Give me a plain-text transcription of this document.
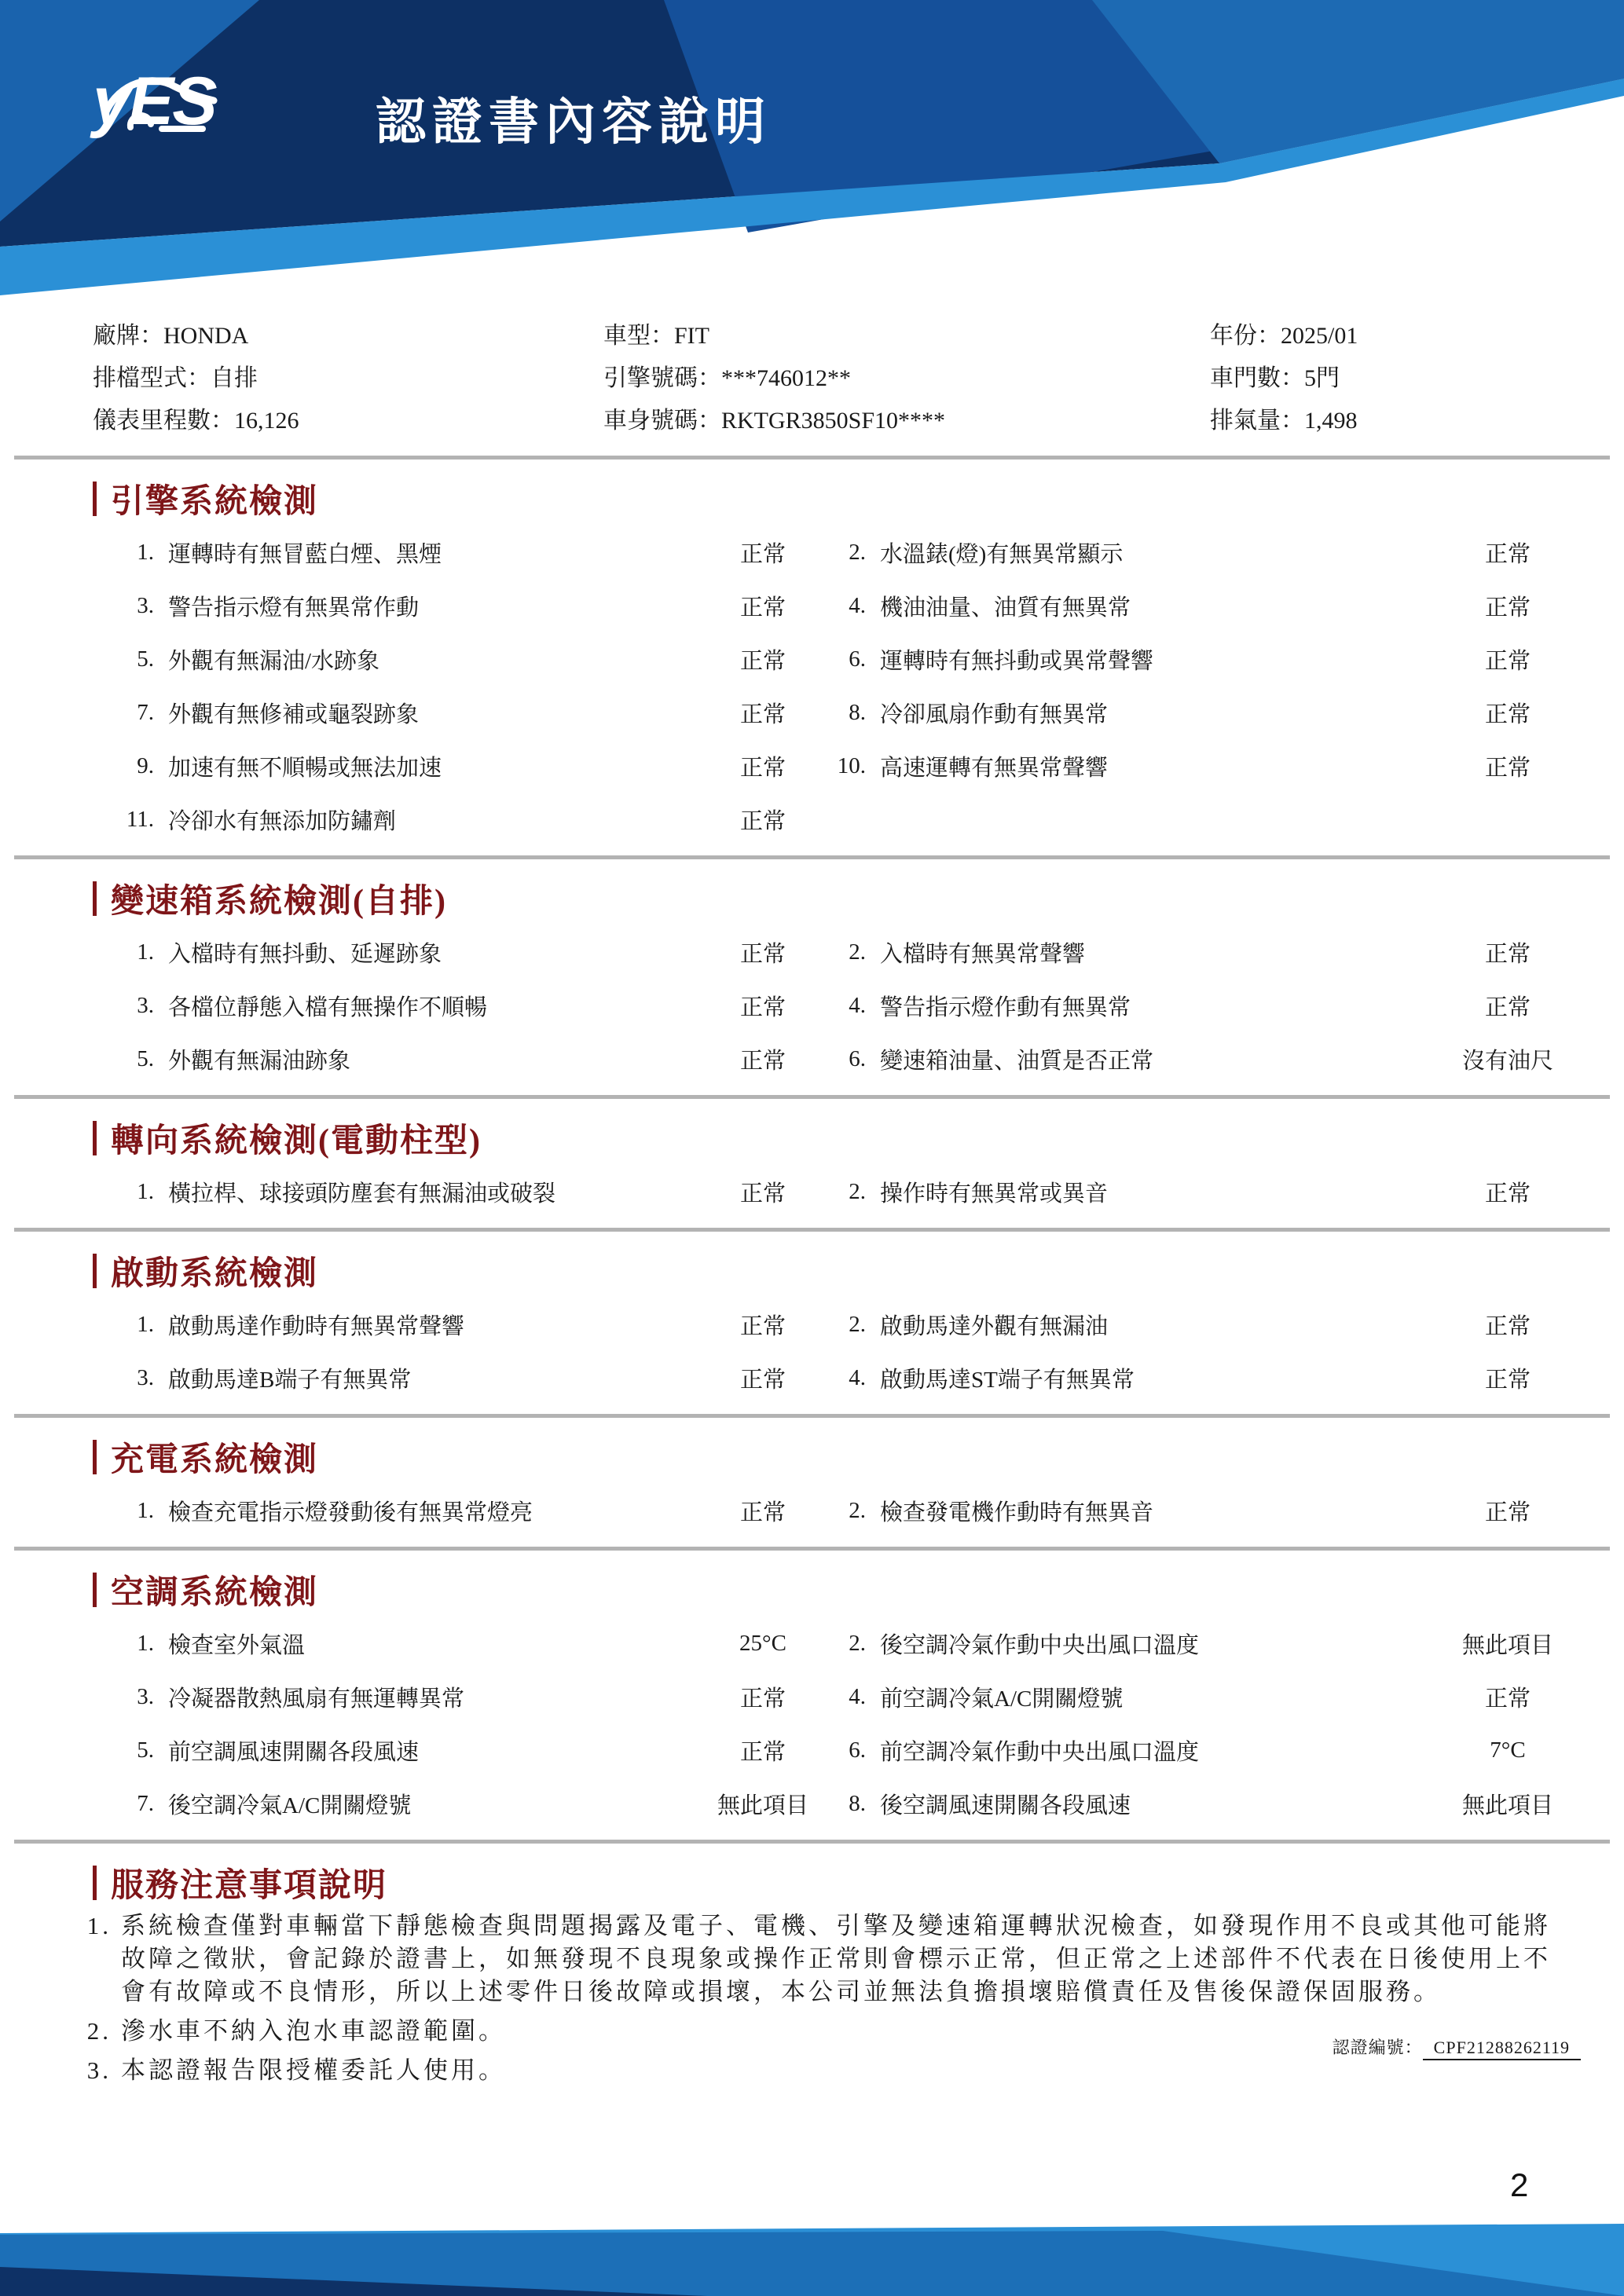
yES	認證書內容說明
廠牌：HONDA	車型：FIT	年份：2025/01
排檔型式：自排	引擎號碼：***746012**	車門數：5門
儀表里程數：16,126	車身號碼：RKTGR3850SF10****	排氣量：1,498
引擎系統檢測
1. 運轉時有無冒藍白煙、黑煙	正常	2. 水溫錶(燈)有無異常顯示	正常
3. 警告指示燈有無異常作動	正常	4. 機油油量、油質有無異常	正常
5. 外觀有無漏油/水跡象	正常	6. 運轉時有無抖動或異常聲響	正常
7. 外觀有無修補或龜裂跡象	正常	8. 冷卻風扇作動有無異常	正常
9. 加速有無不順暢或無法加速	正常	10. 高速運轉有無異常聲響	正常
11. 冷卻水有無添加防鏽劑	正常
變速箱系統檢測(自排)
1. 入檔時有無抖動、延遲跡象	正常	2. 入檔時有無異常聲響	正常
3. 各檔位靜態入檔有無操作不順暢	正常	4. 警告指示燈作動有無異常	正常
5. 外觀有無漏油跡象	正常	6. 變速箱油量、油質是否正常	沒有油尺
轉向系統檢測(電動柱型)
1. 橫拉桿、球接頭防塵套有無漏油或破裂	正常	2. 操作時有無異常或異音	正常
啟動系統檢測
1. 啟動馬達作動時有無異常聲響	正常	2. 啟動馬達外觀有無漏油	正常
3. 啟動馬達B端子有無異常	正常	4. 啟動馬達ST端子有無異常	正常
充電系統檢測
1. 檢查充電指示燈發動後有無異常燈亮	正常	2. 檢查發電機作動時有無異音	正常
空調系統檢測
1. 檢查室外氣溫	25°C	2. 後空調冷氣作動中央出風口溫度	無此項目
3. 冷凝器散熱風扇有無運轉異常	正常	4. 前空調冷氣A/C開關燈號	正常
5. 前空調風速開關各段風速	正常	6. 前空調冷氣作動中央出風口溫度	7°C
7. 後空調冷氣A/C開關燈號	無此項目	8. 後空調風速開關各段風速	無此項目
服務注意事項說明
1. 系統檢查僅對車輛當下靜態檢查與問題揭露及電子、電機、引擎及變速箱運轉狀況檢查，如發現作用不良或其他可能將故障之徵狀，會記錄於證書上，如無發現不良現象或操作正常則會標示正常，但正常之上述部件不代表在日後使用上不會有故障或不良情形，所以上述零件日後故障或損壞，本公司並無法負擔損壞賠償責任及售後保證保固服務。
2. 滲水車不納入泡水車認證範圍。
3. 本認證報告限授權委託人使用。
認證編號： CPF21288262119
2
